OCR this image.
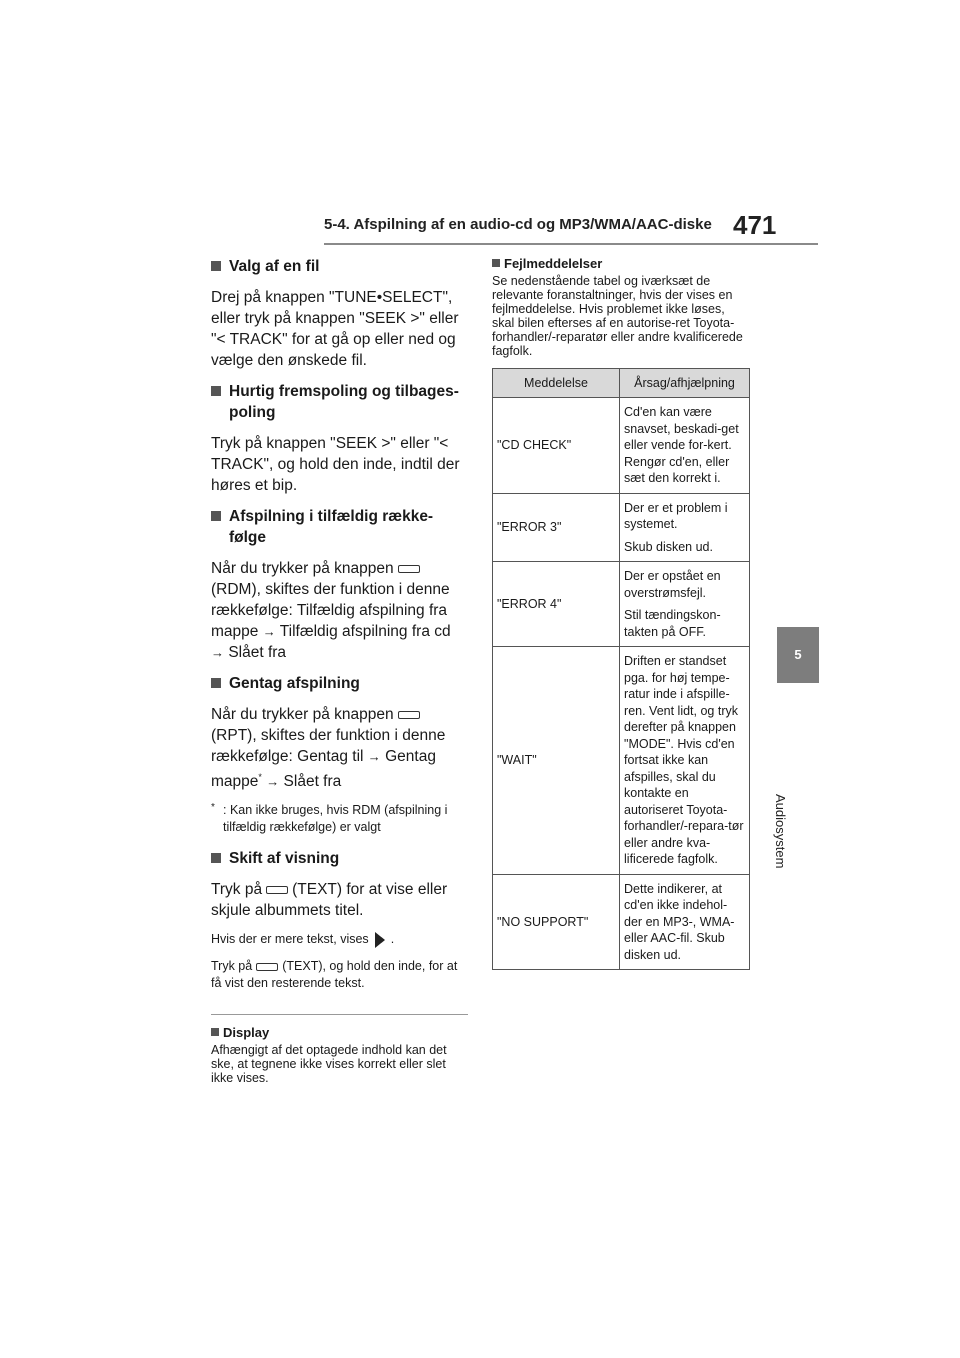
5-4. Afspilning af en audio-cd og MP3/WMA/AAC-diske 471
5
Audiosystem
Valg af en fil

Drej på knappen "TUNE•SELECT", eller tryk på knappen "SEEK >" eller "< TRACK" for at gå op eller ned og vælge den ønskede fil.

Hurtig fremspoling og tilbages-poling

Tryk på knappen "SEEK >" eller "< TRACK", og hold den inde, indtil der høres et bip.

Afspilning i tilfældig række-følge

Når du trykker på knappen
(RDM), skiftes der funktion i denne rækkefølge: Tilfældig afspilning fra mappe → Tilfældig afspilning fra cd
→ Slået fra

Gentag afspilning

Når du trykker på knappen
(RPT), skiftes der funktion i denne rækkefølge: Gentag til → Gentag mappe* → Slået fra

* : Kan ikke bruges, hvis RDM (afspilning i tilfældig rækkefølge) er valgt

Skift af visning

Tryk på (TEXT) for at vise eller skjule albummets titel.

Hvis der er mere tekst, vises .

Tryk på (TEXT), og hold den inde, for at få vist den resterende tekst.

Display

Afhængigt af det optagede indhold kan det ske, at tegnene ikke vises korrekt eller slet ikke vises.

Fejlmeddelelser

Se nedenstående tabel og iværksæt de relevante foranstaltninger, hvis der vises en fejlmeddelelse. Hvis problemet ikke løses, skal bilen efterses af en autorise-ret Toyota-forhandler/-reparatør eller andre kvalificerede fagfolk.

Meddelelse	Årsag/afhjælpning
"CD CHECK"	Cd'en kan være snavset, beskadi-get eller vende for-kert.
Rengør cd'en, eller sæt den korrekt i.
"ERROR 3"	Der er et problem i systemet.
Skub disken ud.
"ERROR 4"	Der er opstået en overstrømsfejl.
Stil tændingskon-takten på OFF.
"WAIT"	Driften er standset pga. for høj tempe-ratur inde i afspille-ren. Vent lidt, og tryk derefter på knappen "MODE". Hvis cd'en fortsat ikke kan afspilles, skal du kontakte en autoriseret Toyota-forhandler/-repara-tør eller andre kva-lificerede fagfolk.
"NO SUPPORT"	Dette indikerer, at cd'en ikke indehol-der en MP3-, WMA- eller AAC-fil. Skub disken ud.
